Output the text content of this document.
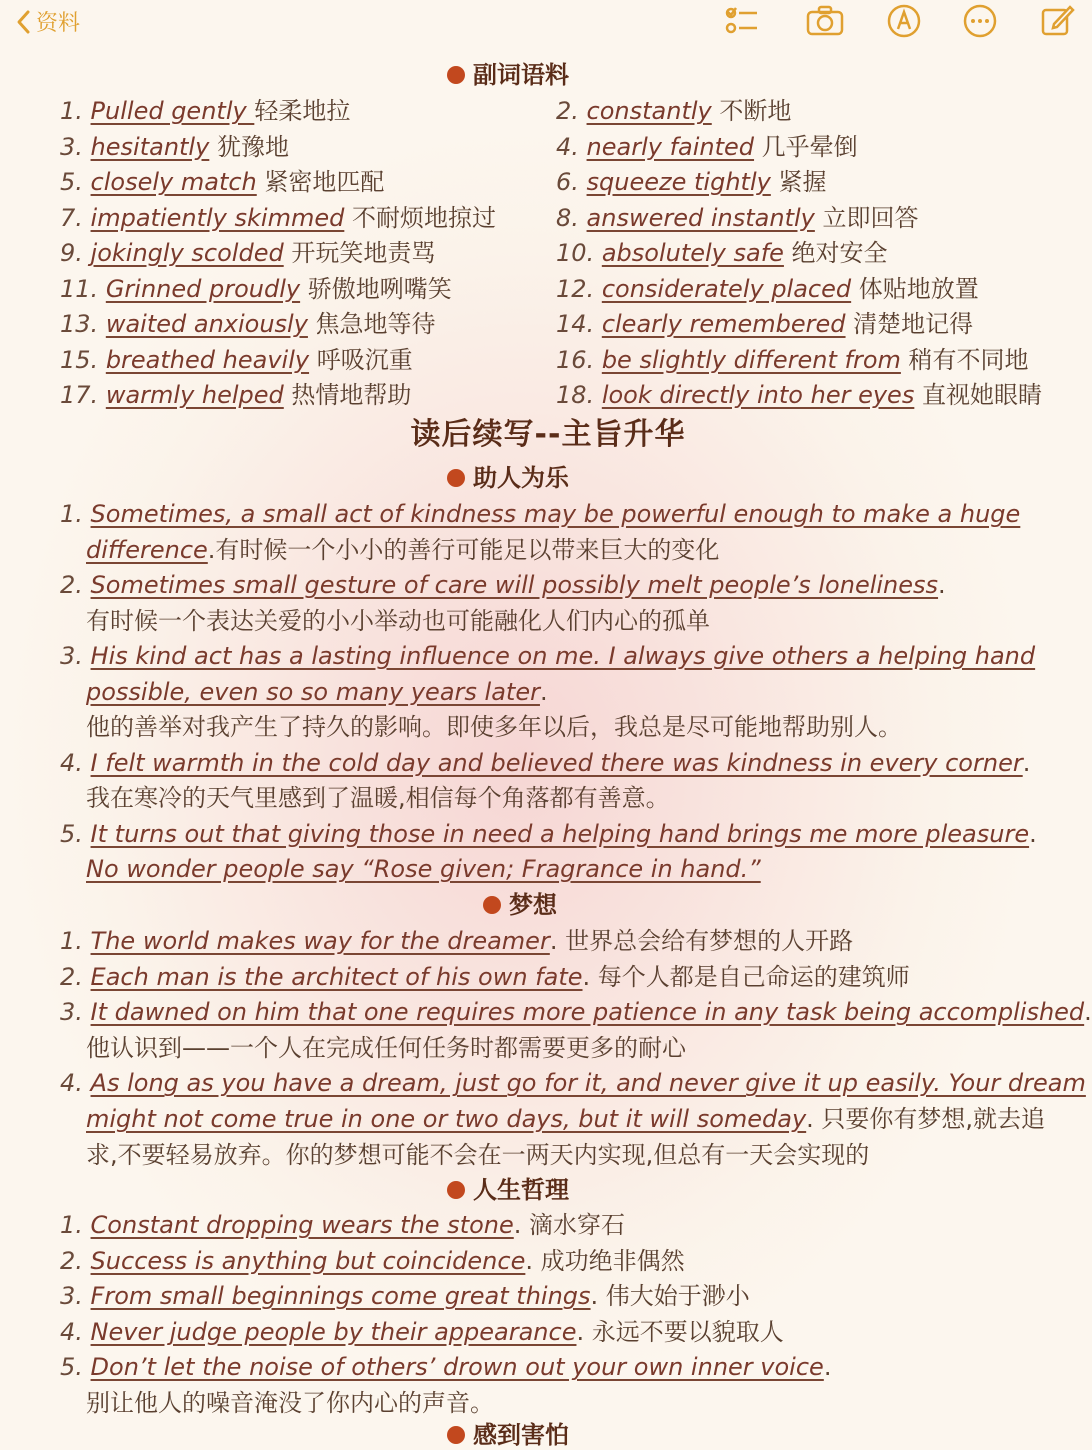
资料
副词语料
1. Pulled gently 轻柔地拉	2. constantly 不断地
3. hesitantly 犹豫地	4. nearly fainted 几乎晕倒
5. closely match 紧密地匹配	6. squeeze tightly 紧握
7. impatiently skimmed 不耐烦地掠过	8. answered instantly 立即回答
9. jokingly scolded 开玩笑地责骂	10. absolutely safe 绝对安全
11. Grinned proudly 骄傲地咧嘴笑	12. considerately placed 体贴地放置
13. waited anxiously 焦急地等待	14. clearly remembered 清楚地记得
15. breathed heavily 呼吸沉重	16. be slightly different from 稍有不同地
17. warmly helped 热情地帮助	18. look directly into her eyes 直视她眼睛
读后续写--主旨升华
助人为乐
1. Sometimes, a small act of kindness may be powerful enough to make a huge
difference.有时候一个小小的善行可能足以带来巨大的变化
2. Sometimes small gesture of care will possibly melt people’s loneliness.
有时候一个表达关爱的小小举动也可能融化人们内心的孤单
3. His kind act has a lasting influence on me. I always give others a helping hand
possible, even so so many years later.
他的善举对我产生了持久的影响。即使多年以后，我总是尽可能地帮助别人。
4. I felt warmth in the cold day and believed there was kindness in every corner.
我在寒冷的天气里感到了温暖,相信每个角落都有善意。
5. It turns out that giving those in need a helping hand brings me more pleasure.
No wonder people say “Rose given; Fragrance in hand.”
梦想
1. The world makes way for the dreamer. 世界总会给有梦想的人开路
2. Each man is the architect of his own fate. 每个人都是自己命运的建筑师
3. It dawned on him that one requires more patience in any task being accomplished.
他认识到——一个人在完成任何任务时都需要更多的耐心
4. As long as you have a dream, just go for it, and never give it up easily. Your dream
might not come true in one or two days, but it will someday. 只要你有梦想,就去追
求,不要轻易放弃。你的梦想可能不会在一两天内实现,但总有一天会实现的
人生哲理
1. Constant dropping wears the stone. 滴水穿石
2. Success is anything but coincidence. 成功绝非偶然
3. From small beginnings come great things. 伟大始于渺小
4. Never judge people by their appearance. 永远不要以貌取人
5. Don’t let the noise of others’ drown out your own inner voice.
别让他人的噪音淹没了你内心的声音。
感到害怕
